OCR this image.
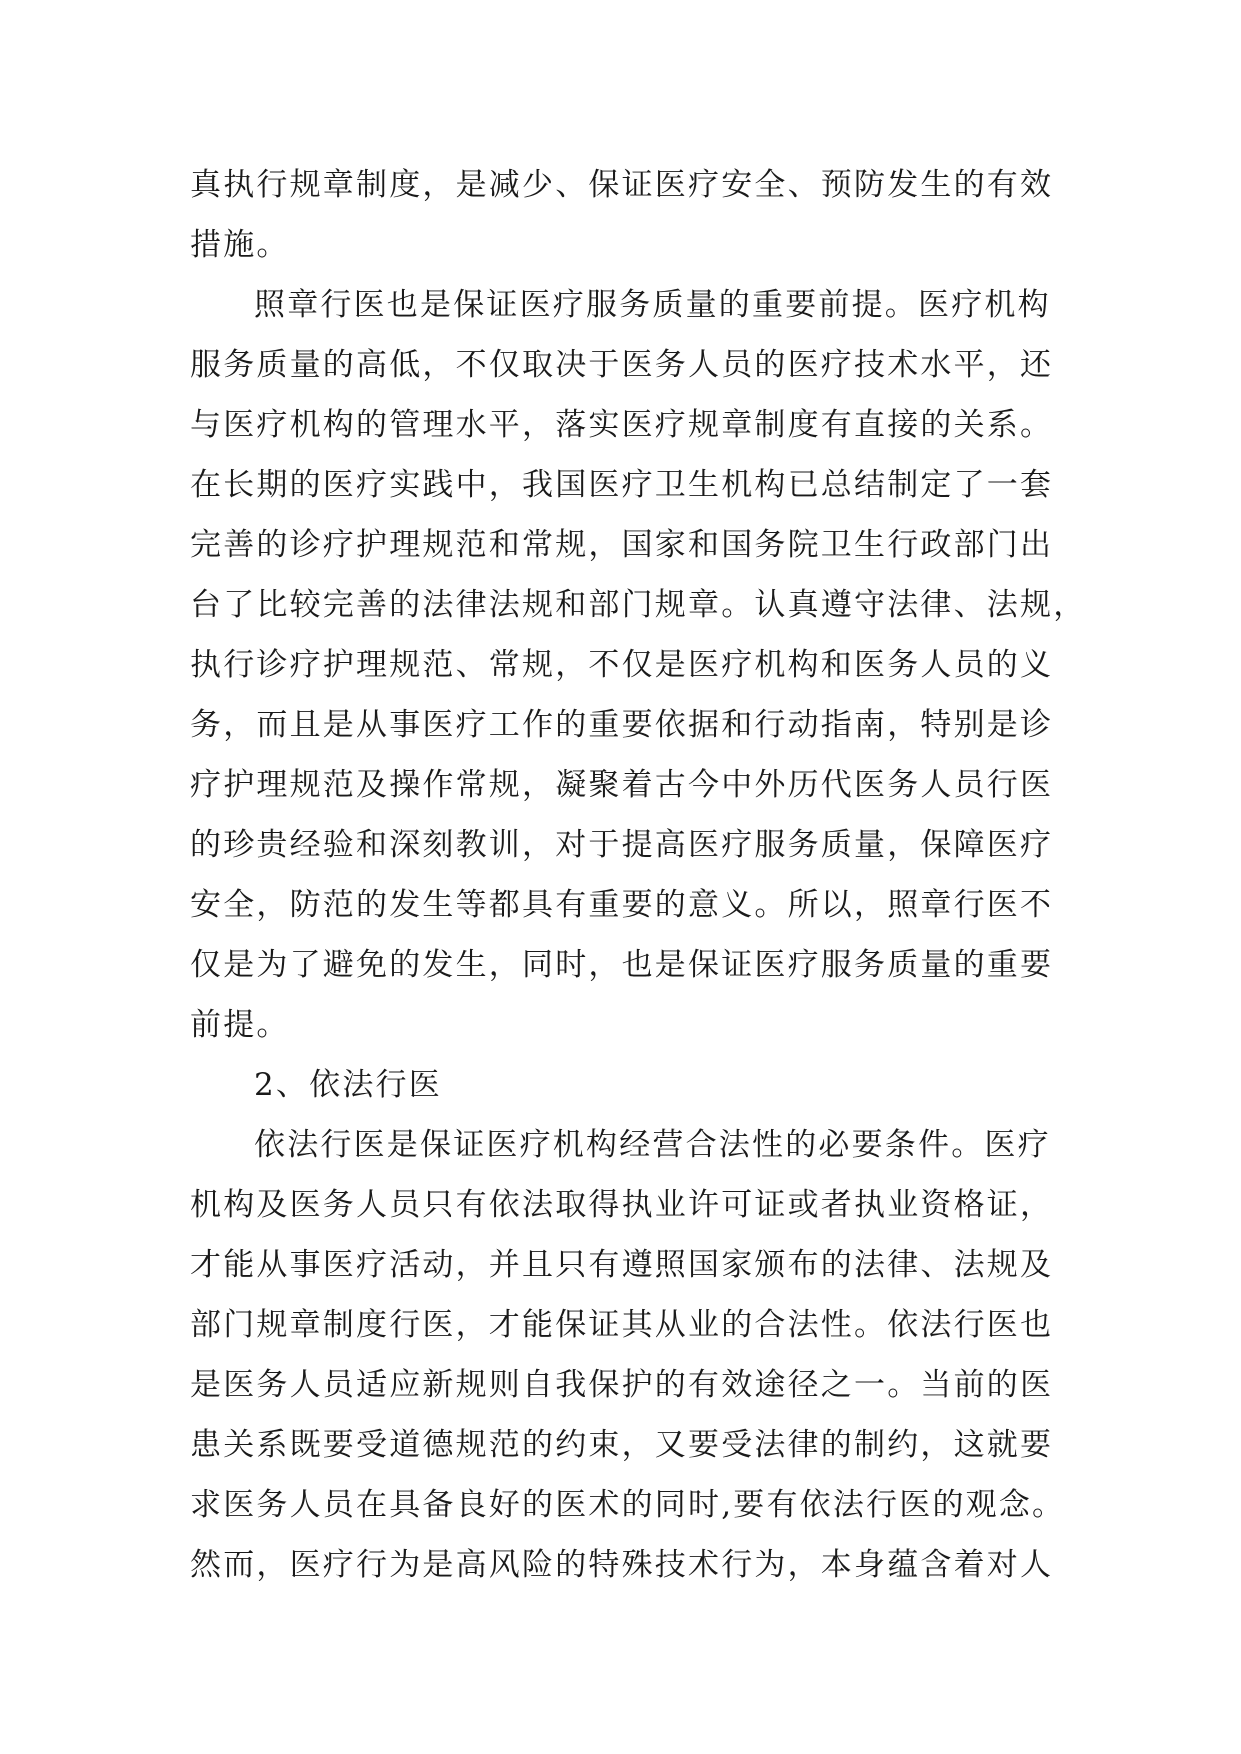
真执行规章制度，是减少、保证医疗安全、预防发生的有效
措施。
照章行医也是保证医疗服务质量的重要前提。医疗机构
服务质量的高低，不仅取决于医务人员的医疗技术水平，还
与医疗机构的管理水平，落实医疗规章制度有直接的关系。
在长期的医疗实践中，我国医疗卫生机构已总结制定了一套
完善的诊疗护理规范和常规，国家和国务院卫生行政部门出
台了比较完善的法律法规和部门规章。认真遵守法律、法规，
执行诊疗护理规范、常规，不仅是医疗机构和医务人员的义
务，而且是从事医疗工作的重要依据和行动指南，特别是诊
疗护理规范及操作常规，凝聚着古今中外历代医务人员行医
的珍贵经验和深刻教训，对于提高医疗服务质量，保障医疗
安全，防范的发生等都具有重要的意义。所以，照章行医不
仅是为了避免的发生，同时，也是保证医疗服务质量的重要
前提。
2、依法行医
依法行医是保证医疗机构经营合法性的必要条件。医疗
机构及医务人员只有依法取得执业许可证或者执业资格证，
才能从事医疗活动，并且只有遵照国家颁布的法律、法规及
部门规章制度行医，才能保证其从业的合法性。依法行医也
是医务人员适应新规则自我保护的有效途径之一。当前的医
患关系既要受道德规范的约束，又要受法律的制约，这就要
求医务人员在具备良好的医术的同时,要有依法行医的观念。
然而，医疗行为是高风险的特殊技术行为，本身蕴含着对人
